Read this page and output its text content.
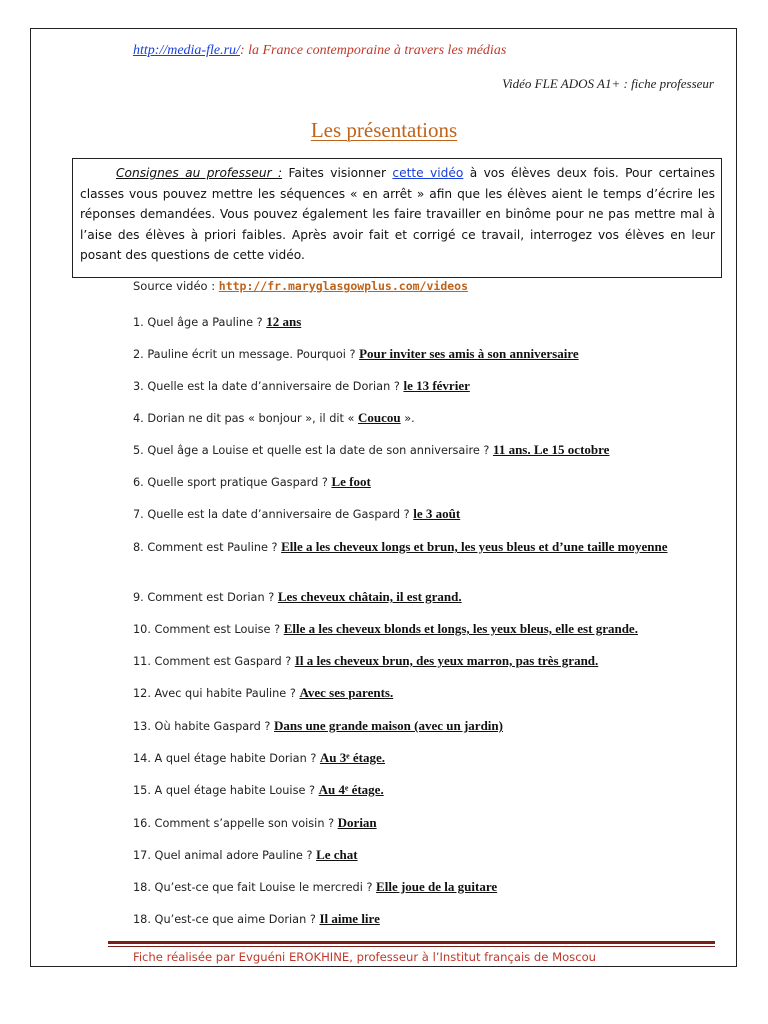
http://media-fle.ru/: la France contemporaine à travers les médias
Vidéo FLE ADOS A1+ : fiche professeur
Les présentations
Consignes au professeur : Faites visionner cette vidéo à vos élèves deux fois. Pour certaines classes vous pouvez mettre les séquences « en arrêt » afin que les élèves aient le temps d’écrire les réponses demandées. Vous pouvez également les faire travailler en binôme pour ne pas mettre mal à l’aise des élèves à priori faibles. Après avoir fait et corrigé ce travail, interrogez vos élèves en leur posant des questions de cette vidéo.
Source vidéo : http://fr.maryglasgowplus.com/videos
1. Quel âge a Pauline ? 12 ans
2. Pauline écrit un message. Pourquoi ? Pour inviter ses amis à son anniversaire
3. Quelle est la date d’anniversaire de Dorian ? le 13 février
4. Dorian ne dit pas « bonjour », il dit « Coucou ».
5. Quel âge a Louise et quelle est la date de son anniversaire ? 11 ans. Le 15 octobre
6. Quelle sport pratique Gaspard ? Le foot
7. Quelle est la date d’anniversaire de Gaspard ? le 3 août
8. Comment est Pauline ? Elle a les cheveux longs et brun, les yeus bleus et d’une taille moyenne
9. Comment est Dorian ? Les cheveux châtain, il est grand.
10. Comment est Louise ? Elle a les cheveux blonds et longs, les yeux bleus, elle est grande.
11. Comment est Gaspard ? Il a les cheveux brun, des yeux marron, pas très grand.
12. Avec qui habite Pauline ? Avec ses parents.
13. Où habite Gaspard ? Dans une grande maison (avec un jardin)
14. A quel étage habite Dorian ? Au 3ᵉ étage.
15. A quel étage habite Louise ? Au 4ᵉ étage.
16. Comment s’appelle son voisin ? Dorian
17. Quel animal adore Pauline ? Le chat
18. Qu’est-ce que fait Louise le mercredi ? Elle joue de la guitare
18. Qu’est-ce que aime Dorian ? Il aime lire
Fiche réalisée par Evguéni EROKHINE, professeur à l’Institut français de Moscou
